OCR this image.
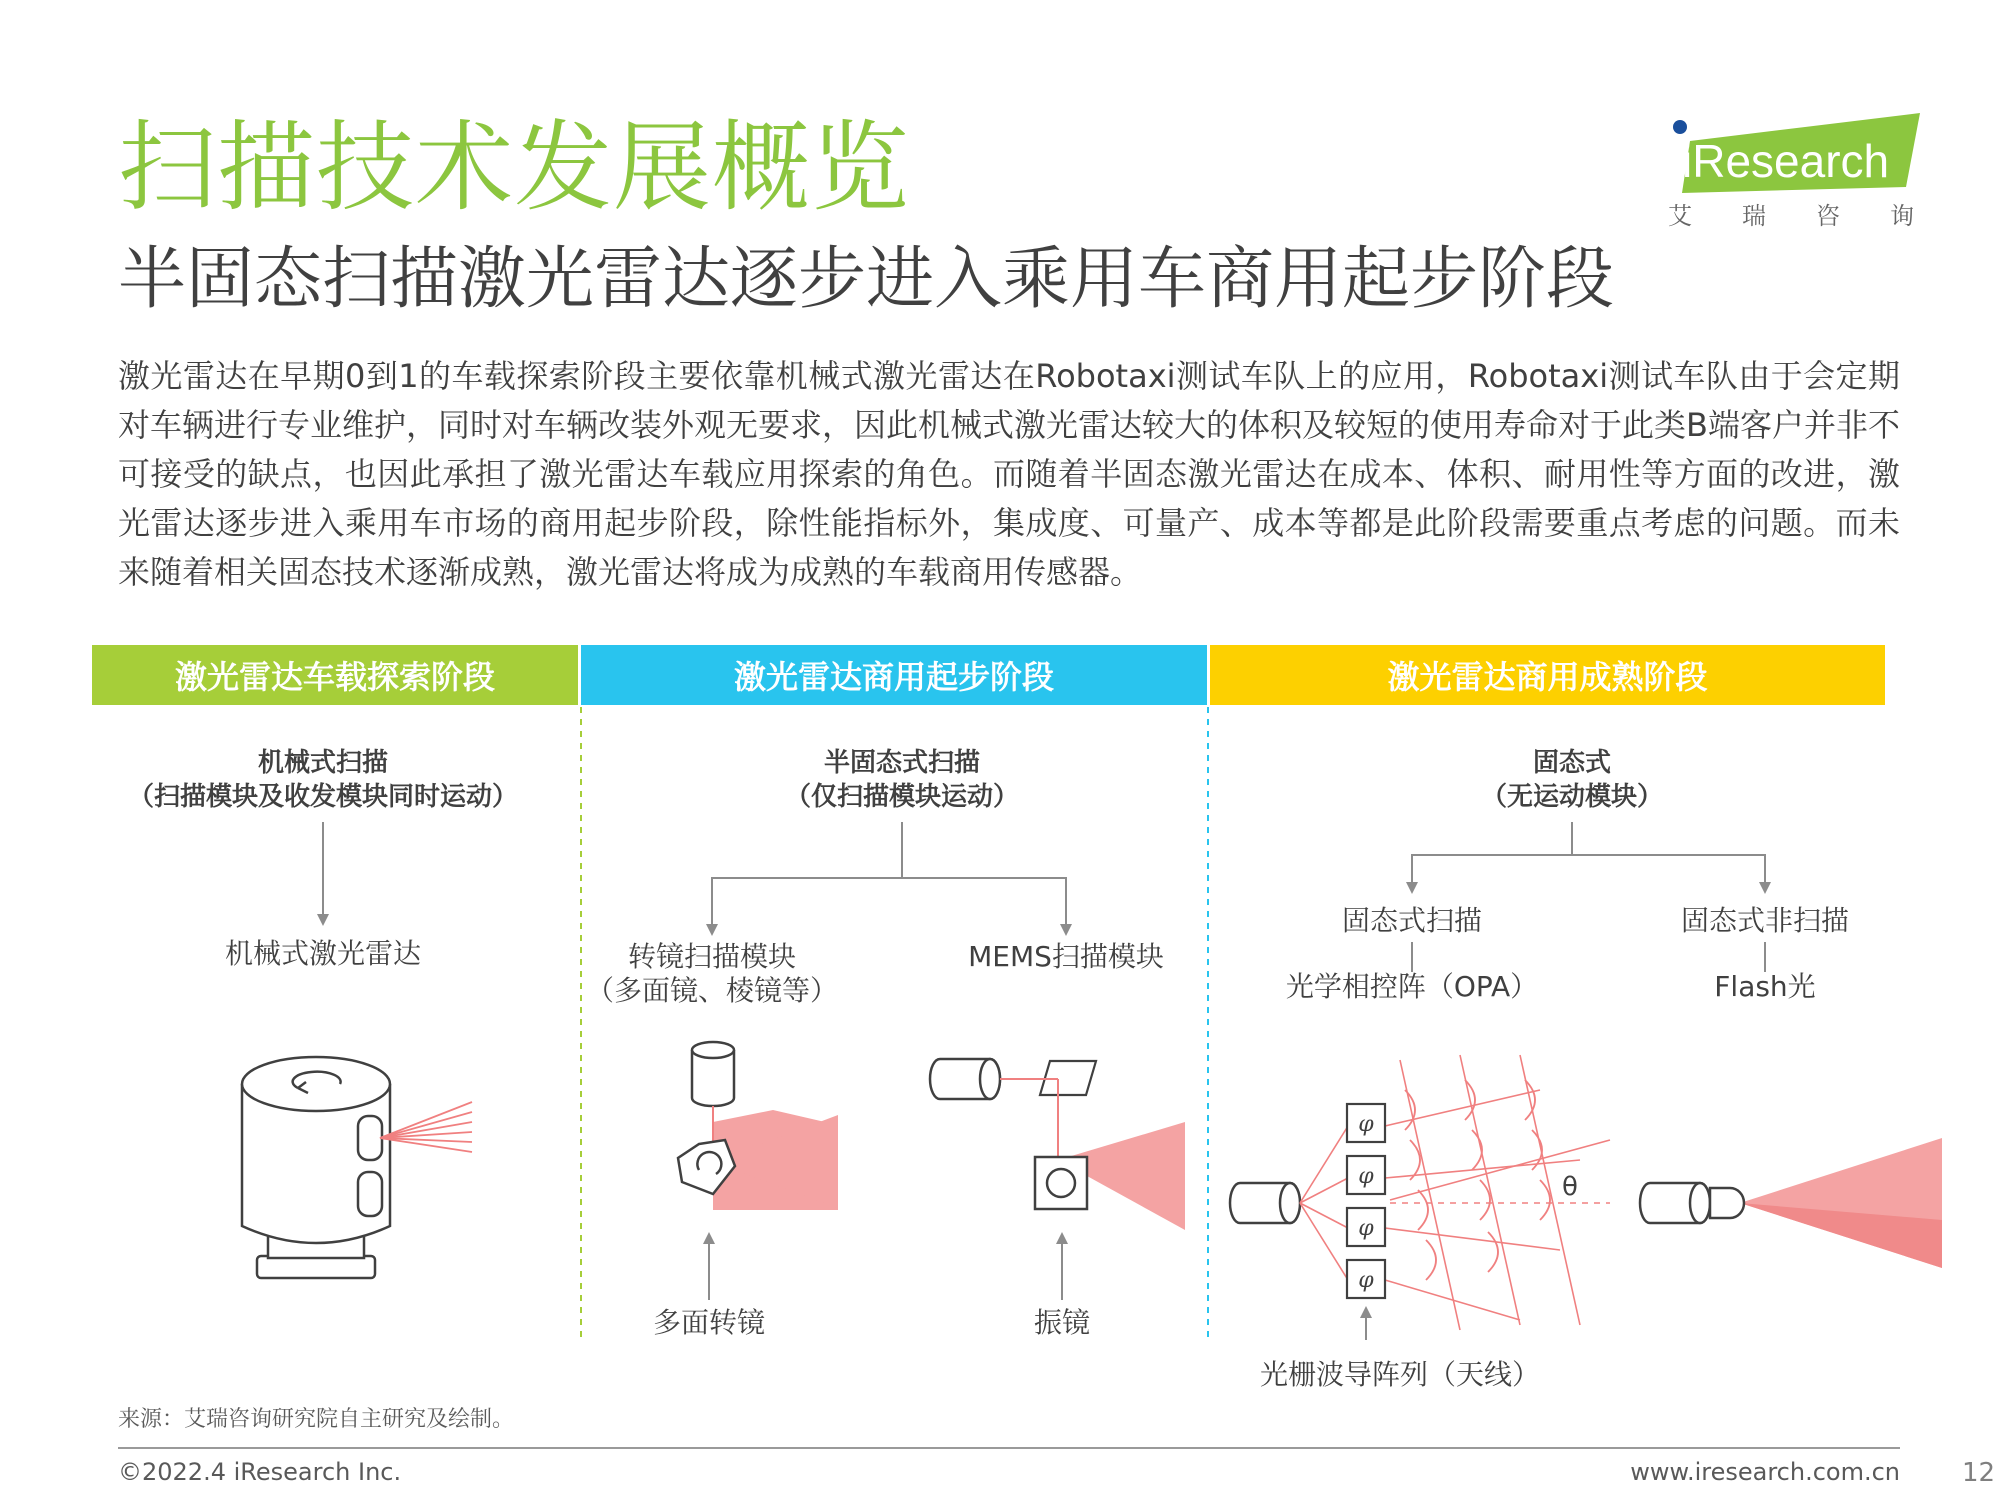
扫描技术发展概览
半固态扫描激光雷达逐步进入乘用车商用起步阶段
iResearch
艾 瑞 咨 询
激光雷达在早期0到1的车载探索阶段主要依靠机械式激光雷达在Robotaxi测试车队上的应用，Robotaxi测试车队由于会定期对车辆进行专业维护，同时对车辆改装外观无要求，因此机械式激光雷达较大的体积及较短的使用寿命对于此类B端客户并非不可接受的缺点，也因此承担了激光雷达车载应用探索的角色。而随着半固态激光雷达在成本、体积、耐用性等方面的改进，激光雷达逐步进入乘用车市场的商用起步阶段，除性能指标外，集成度、可量产、成本等都是此阶段需要重点考虑的问题。而未来随着相关固态技术逐渐成熟，激光雷达将成为成熟的车载商用传感器。
激光雷达车载探索阶段	激光雷达商用起步阶段	激光雷达商用成熟阶段
φ
φ
φ
φ
θ
机械式扫描
（扫描模块及收发模块同时运动）
机械式激光雷达
半固态式扫描
（仅扫描模块运动）
转镜扫描模块
（多面镜、棱镜等）
MEMS扫描模块
多面转镜	振镜
固态式
（无运动模块）
固态式扫描	固态式非扫描
光学相控阵（OPA）	Flash光
光栅波导阵列（天线）
来源：艾瑞咨询研究院自主研究及绘制。
©2022.4 iResearch Inc.	www.iresearch.com.cn 12
